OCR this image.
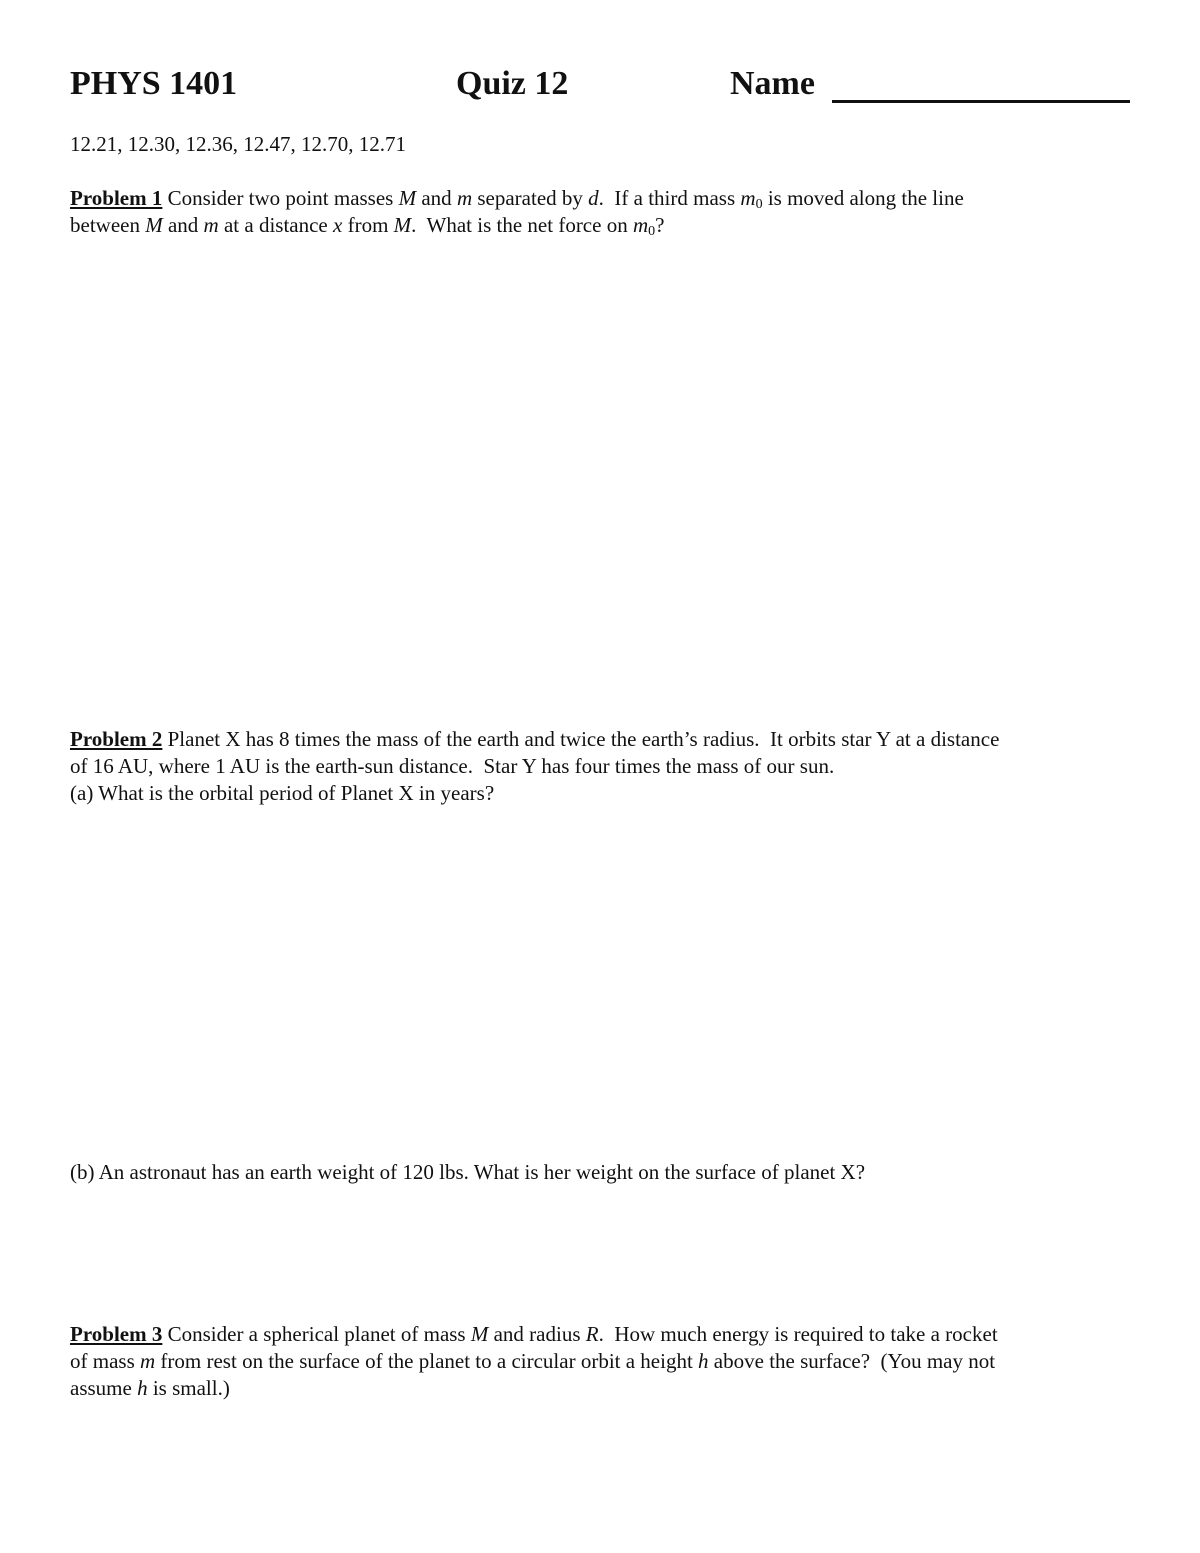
PHYS 1401	Quiz 12	Name
12.21, 12.30, 12.36, 12.47, 12.70, 12.71
Problem 1 Consider two point masses M and m separated by d.  If a third mass $m_0$ is moved along the line
between M and m at a distance x from M.  What is the net force on $m_0$?
Problem 2 Planet X has 8 times the mass of the earth and twice the earth’s radius.  It orbits star Y at a distance
of 16 AU, where 1 AU is the earth-sun distance.  Star Y has four times the mass of our sun.
(a) What is the orbital period of Planet X in years?
(b) An astronaut has an earth weight of 120 lbs. What is her weight on the surface of planet X?
Problem 3 Consider a spherical planet of mass M and radius R.  How much energy is required to take a rocket
of mass m from rest on the surface of the planet to a circular orbit a height h above the surface?  (You may not
assume h is small.)
